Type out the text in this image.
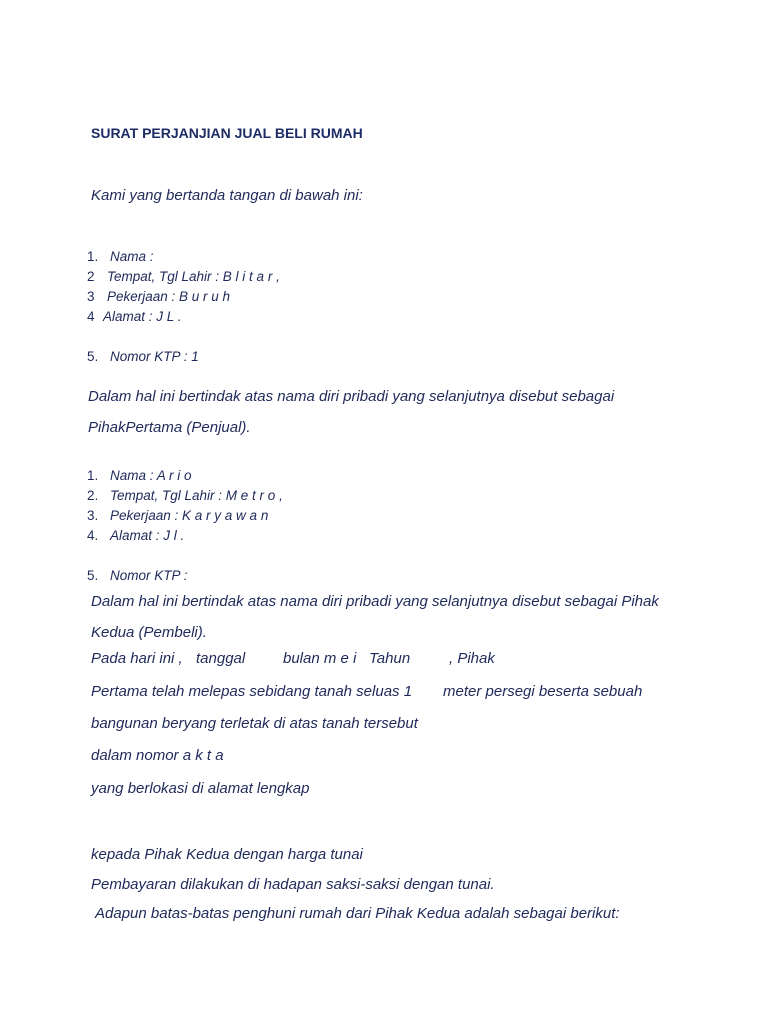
SURAT PERJANJIAN JUAL BELI RUMAH
Kami yang bertanda tangan di bawah ini:
1. Nama :
2 Tempat, Tgl Lahir : B l i t a r ,
3 Pekerjaan : B u r u h
4 Alamat : J L .
5. Nomor KTP : 1
Dalam hal ini bertindak atas nama diri pribadi yang selanjutnya disebut sebagai
PihakPertama (Penjual).
1. Nama : A r i o
2. Tempat, Tgl Lahir : M e t r o ,
3. Pekerjaan : K a r y a w a n
4. Alamat : J l .
5. Nomor KTP :
Dalam hal ini bertindak atas nama diri pribadi yang selanjutnya disebut sebagai Pihak
Kedua (Pembeli).
Pada hari ini , tanggal	bulan m e i Tahun	, Pihak
Pertama telah melepas sebidang tanah seluas 1 meter persegi beserta sebuah
bangunan beryang terletak di atas tanah tersebut
dalam nomor a k t a
yang berlokasi di alamat lengkap
kepada Pihak Kedua dengan harga tunai
Pembayaran dilakukan di hadapan saksi-saksi dengan tunai.
Adapun batas-batas penghuni rumah dari Pihak Kedua adalah sebagai berikut:
